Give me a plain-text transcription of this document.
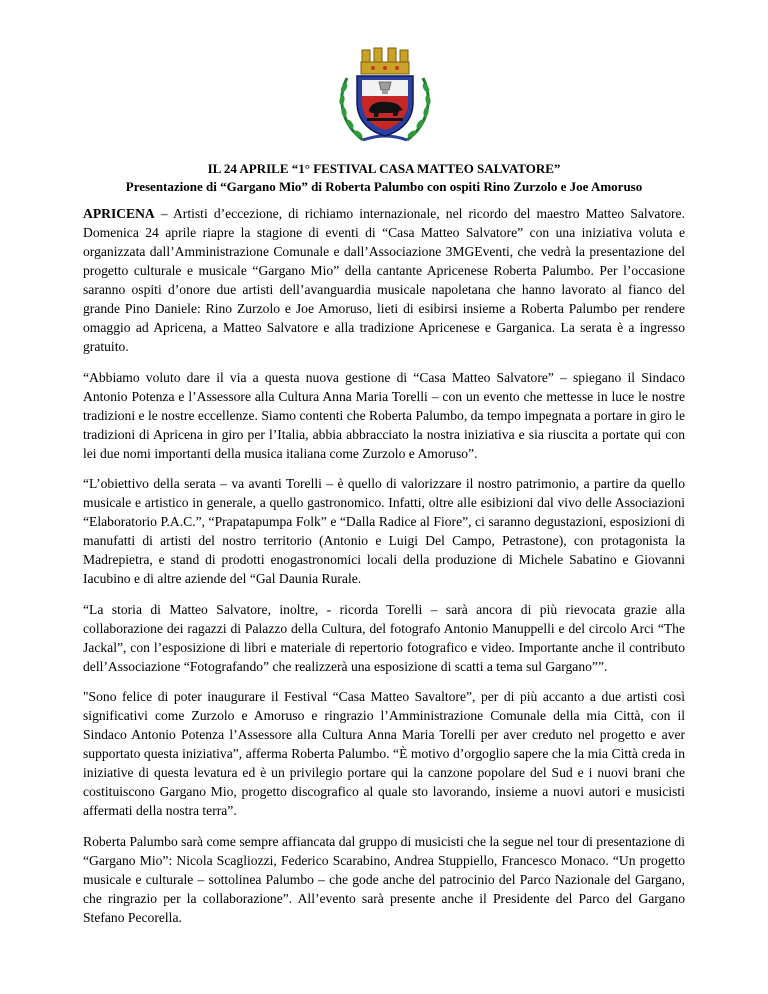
IL 24 APRILE “1° FESTIVAL CASA MATTEO SALVATORE”
Presentazione di “Gargano Mio” di Roberta Palumbo con ospiti Rino Zurzolo e Joe Amoruso

APRICENA – Artisti d’eccezione, di richiamo internazionale, nel ricordo del maestro Matteo Salvatore. Domenica 24 aprile riapre la stagione di eventi di “Casa Matteo Salvatore” con una iniziativa voluta e organizzata dall’Amministrazione Comunale e dall’Associazione 3MGEventi, che vedrà la presentazione del progetto culturale e musicale “Gargano Mio” della cantante Apricenese Roberta Palumbo. Per l’occasione saranno ospiti d’onore due artisti dell’avanguardia musicale napoletana che hanno lavorato al fianco del grande Pino Daniele: Rino Zurzolo e Joe Amoruso, lieti di esibirsi insieme a Roberta Palumbo per rendere omaggio ad Apricena, a Matteo Salvatore e alla tradizione Apricenese e Garganica. La serata è a ingresso gratuito.

“Abbiamo voluto dare il via a questa nuova gestione di “Casa Matteo Salvatore” – spiegano il Sindaco Antonio Potenza e l’Assessore alla Cultura Anna Maria Torelli – con un evento che mettesse in luce le nostre tradizioni e le nostre eccellenze. Siamo contenti che Roberta Palumbo, da tempo impegnata a portare in giro le tradizioni di Apricena in giro per l’Italia, abbia abbracciato la nostra iniziativa e sia riuscita a portate qui con lei due nomi importanti della musica italiana come Zurzolo e Amoruso”.

“L’obiettivo della serata – va avanti Torelli – è quello di valorizzare il nostro patrimonio, a partire da quello musicale e artistico in generale, a quello gastronomico. Infatti, oltre alle esibizioni dal vivo delle Associazioni “Elaboratorio P.A.C.”, “Prapatapumpa Folk” e “Dalla Radice al Fiore”, ci saranno degustazioni, esposizioni di manufatti di artisti del nostro territorio (Antonio e Luigi Del Campo, Petrastone), con protagonista la Madrepietra, e stand di prodotti enogastronomici locali della produzione di Michele Sabatino e Giovanni Iacubino e di altre aziende del “Gal Daunia Rurale.

“La storia di Matteo Salvatore, inoltre, - ricorda Torelli – sarà ancora di più rievocata grazie alla collaborazione dei ragazzi di Palazzo della Cultura, del fotografo Antonio Manuppelli e del circolo Arci “The Jackal”, con l’esposizione di libri e materiale di repertorio fotografico e video. Importante anche il contributo dell’Associazione “Fotografando” che realizzerà una esposizione di scatti a tema sul Gargano””.

"Sono felice di poter inaugurare il Festival “Casa Matteo Savaltore”, per di più accanto a due artisti così significativi come Zurzolo e Amoruso e ringrazio l’Amministrazione Comunale della mia Città, con il Sindaco Antonio Potenza l’Assessore alla Cultura Anna Maria Torelli per aver creduto nel progetto e aver supportato questa iniziativa”, afferma Roberta Palumbo. “È motivo d’orgoglio sapere che la mia Città creda in iniziative di questa levatura ed è un privilegio portare qui la canzone popolare del Sud e i nuovi brani che costituiscono Gargano Mio, progetto discografico al quale sto lavorando, insieme a nuovi autori e musicisti affermati della nostra terra”.

Roberta Palumbo sarà come sempre affiancata dal gruppo di musicisti che la segue nel tour di presentazione di “Gargano Mio”: Nicola Scagliozzi, Federico Scarabino, Andrea Stuppiello, Francesco Monaco. “Un progetto musicale e culturale – sottolinea Palumbo – che gode anche del patrocinio del Parco Nazionale del Gargano, che ringrazio per la collaborazione”. All’evento sarà presente anche il Presidente del Parco del Gargano Stefano Pecorella.
